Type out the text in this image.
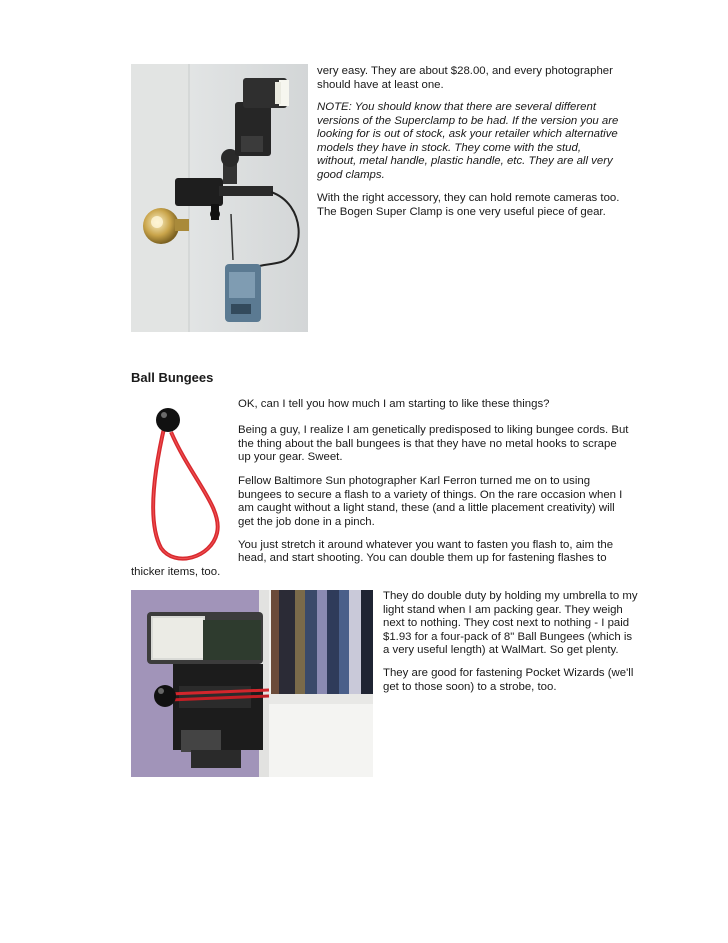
very easy. They are about $28.00, and every photographer should have at least one.

NOTE: You should know that there are several different versions of the Superclamp to be had. If the version you are looking for is out of stock, ask your retailer which alternative models they have in stock. They come with the stud, without, metal handle, plastic handle, etc. They are all very good clamps.

With the right accessory, they can hold remote cameras too. The Bogen Super Clamp is one very useful piece of gear.

Ball Bungees

OK, can I tell you how much I am starting to like these things?

Being a guy, I realize I am genetically predisposed to liking bungee cords. But the thing about the ball bungees is that they have no metal hooks to scrape up your gear. Sweet.

Fellow Baltimore Sun photographer Karl Ferron turned me on to using bungees to secure a flash to a variety of things. On the rare occasion when I am caught without a light stand, these (and a little placement creativity) will get the job done in a pinch.

You just stretch it around whatever you want to fasten you flash to, aim the

head, and start shooting. You can double them up for fastening flashes to

thicker items, too.

They do double duty by holding my umbrella to my light stand when I am packing gear. They weigh next to nothing. They cost next to nothing - I paid $1.93 for a four-pack of 8" Ball Bungees (which is a very useful length) at WalMart. So get plenty.

They are good for fastening Pocket Wizards (we'll get to those soon) to a strobe, too.
